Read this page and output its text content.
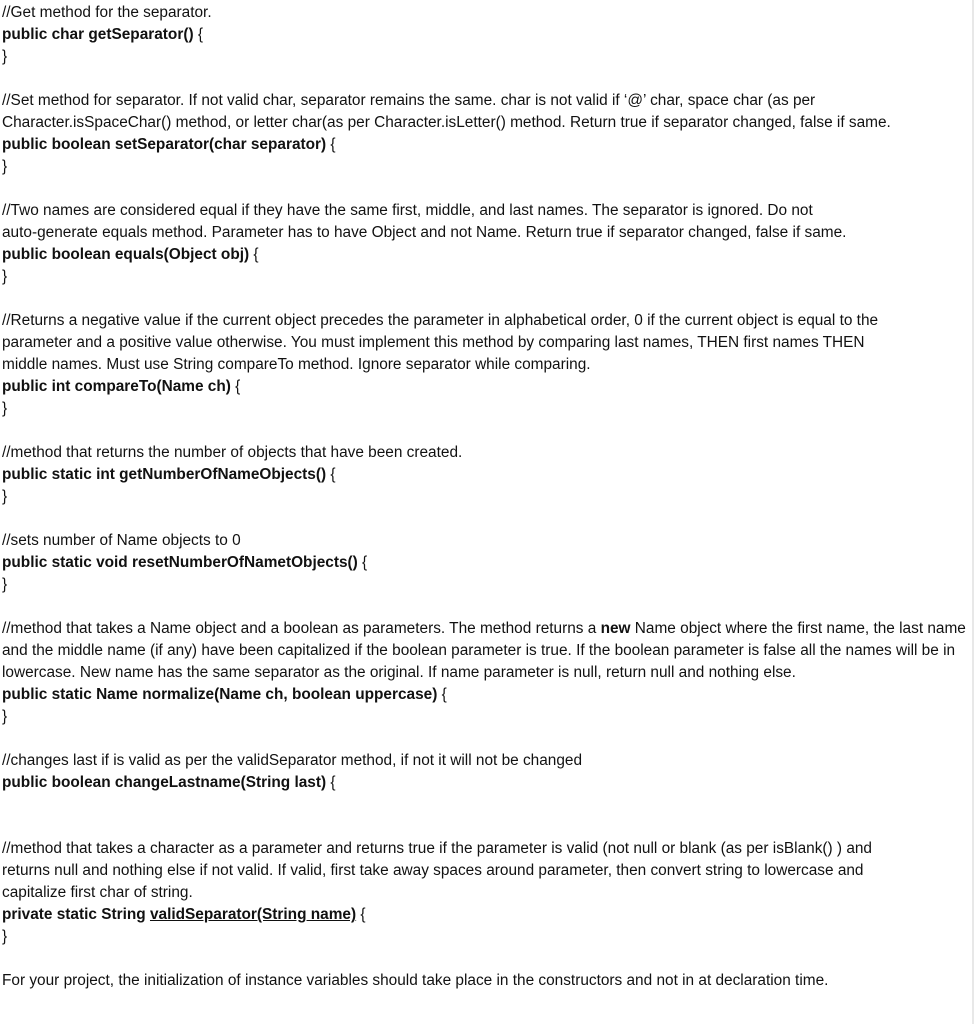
//Get method for the separator.
public char getSeparator() {
}
//Set method for separator. If not valid char, separator remains the same. char is not valid if ‘@’ char, space char (as per
Character.isSpaceChar() method, or letter char(as per Character.isLetter() method. Return true if separator changed, false if same.
public boolean setSeparator(char separator) {
}
//Two names are considered equal if they have the same first, middle, and last names. The separator is ignored. Do not
auto-generate equals method. Parameter has to have Object and not Name. Return true if separator changed, false if same.
public boolean equals(Object obj) {
}
//Returns a negative value if the current object precedes the parameter in alphabetical order, 0 if the current object is equal to the
parameter and a positive value otherwise. You must implement this method by comparing last names, THEN first names THEN
middle names. Must use String compareTo method. Ignore separator while comparing.
public int compareTo(Name ch) {
}
//method that returns the number of objects that have been created.
public static int getNumberOfNameObjects() {
}
//sets number of Name objects to 0
public static void resetNumberOfNametObjects() {
}
//method that takes a Name object and a boolean as parameters. The method returns a new Name object where the first name, the last name and the middle name (if any) have been capitalized if the boolean parameter is true. If the boolean parameter is false all the names will be in lowercase. New name has the same separator as the original. If name parameter is null, return null and nothing else.
public static Name normalize(Name ch, boolean uppercase) {
}
//changes last if is valid as per the validSeparator method, if not it will not be changed
public boolean changeLastname(String last) {
//method that takes a character as a parameter and returns true if the parameter is valid (not null or blank (as per isBlank() ) and
returns null and nothing else if not valid. If valid, first take away spaces around parameter, then convert string to lowercase and
capitalize first char of string.
private static String validSeparator(String name) {
}
For your project, the initialization of instance variables should take place in the constructors and not in at declaration time.
